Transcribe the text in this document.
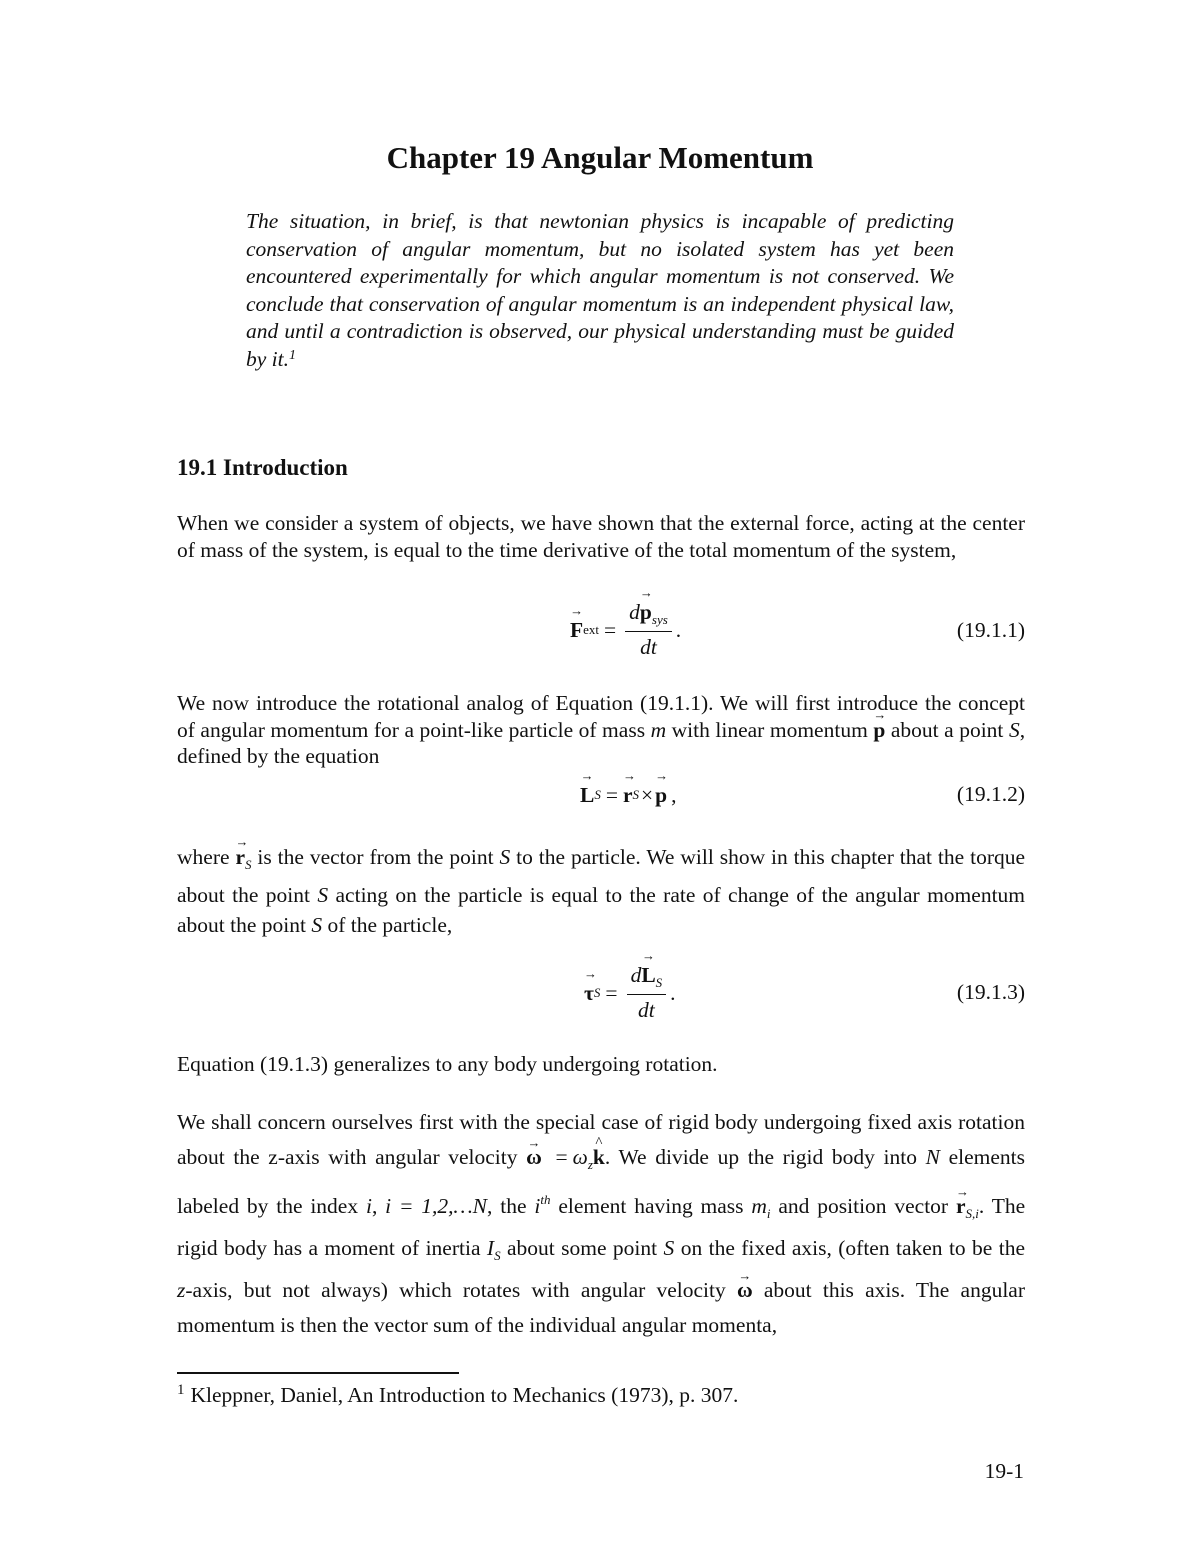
Chapter 19 Angular Momentum

The situation, in brief, is that newtonian physics is incapable of predicting conservation of angular momentum, but no isolated system has yet been encountered experimentally for which angular momentum is not conserved. We conclude that conservation of angular momentum is an independent physical law, and until a contradiction is observed, our physical understanding must be guided by it.$^1$

19.1 Introduction

When we consider a system of objects, we have shown that the external force, acting at the center of mass of the system, is equal to the time derivative of the total momentum of the system,

→ F ext = $\frac{d\to p_{sys}}{dt}$ .	(19.1.1)

We now introduce the rotational analog of Equation (19.1.1). We will first introduce the concept of angular momentum for a point-like particle of mass m with linear momentum → p about a point S, defined by the equation

→ L S = → r S × → p ,	(19.1.2)

where → $r_S$ is the vector from the point S to the particle. We will show in this chapter that the torque about the point S acting on the particle is equal to the rate of change of the angular momentum about the point S of the particle,

→ τ $S = \frac{d\to L_S}{dt}$ .	(19.1.3)

Equation (19.1.3) generalizes to any body undergoing rotation.

We shall concern ourselves first with the special case of rigid body undergoing fixed axis rotation about the z-axis with angular velocity → $\omega = \omega_z\^{}$ k. We divide up the rigid body into N elements labeled by the index i, i = 1,2,…N, the $i^{th}$ element having mass $m_i$ and position vector → $r_{S,i}$. The rigid body has a moment of inertia $I_S$ about some point S on the fixed axis, (often taken to be the z-axis, but not always) which rotates with angular velocity → ω about this axis. The angular momentum is then the vector sum of the individual angular momenta,

$^1$ Kleppner, Daniel, An Introduction to Mechanics (1973), p. 307.

19-1
